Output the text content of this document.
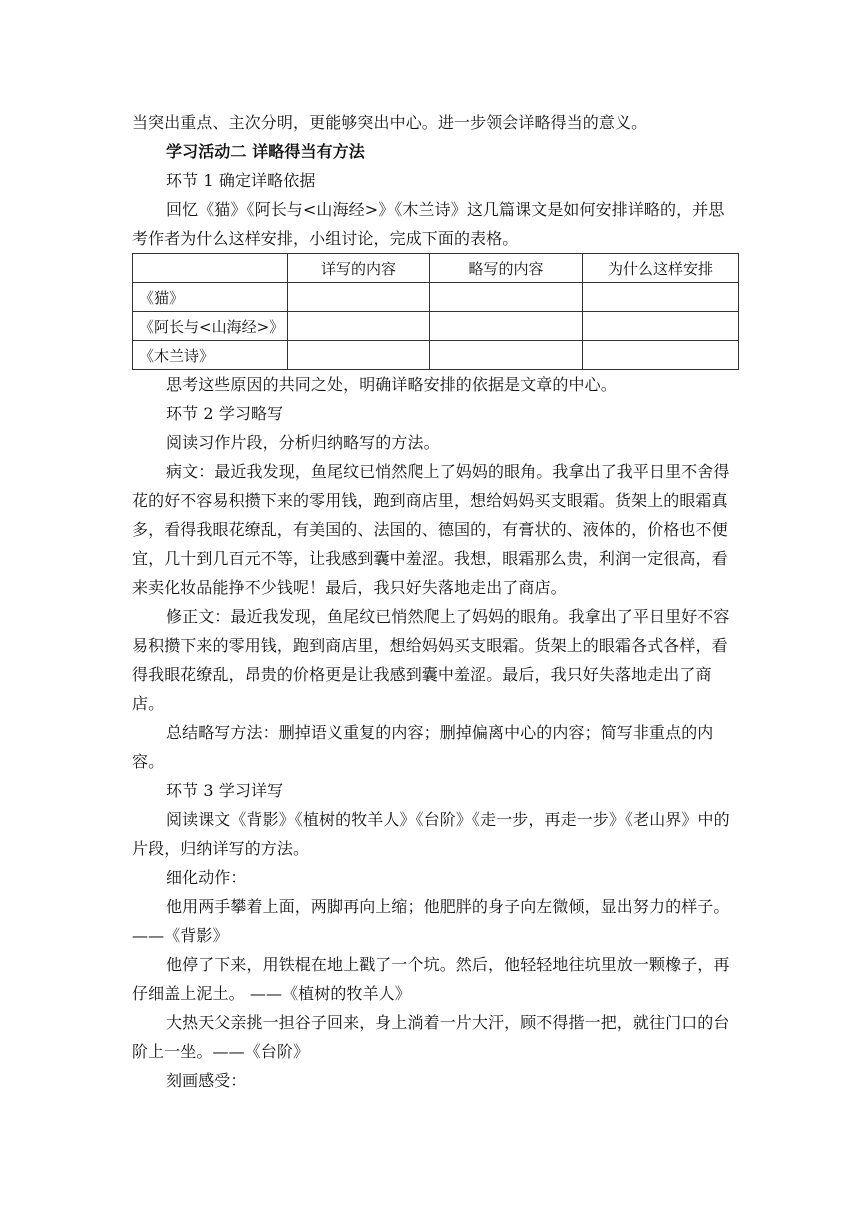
当突出重点、主次分明，更能够突出中心。进一步领会详略得当的意义。

学习活动二 详略得当有方法

环节 1 确定详略依据

回忆《猫》《阿长与<山海经>》《木兰诗》这几篇课文是如何安排详略的，并思考作者为什么这样安排，小组讨论，完成下面的表格。

	详写的内容	略写的内容	为什么这样安排
《猫》			
《阿长与<山海经>》			
《木兰诗》			

思考这些原因的共同之处，明确详略安排的依据是文章的中心。

环节 2 学习略写

阅读习作片段，分析归纳略写的方法。

病文：最近我发现，鱼尾纹已悄然爬上了妈妈的眼角。我拿出了我平日里不舍得花的好不容易积攒下来的零用钱，跑到商店里，想给妈妈买支眼霜。货架上的眼霜真多，看得我眼花缭乱，有美国的、法国的、德国的，有膏状的、液体的，价格也不便宜，几十到几百元不等，让我感到囊中羞涩。我想，眼霜那么贵，利润一定很高，看来卖化妆品能挣不少钱呢！最后，我只好失落地走出了商店。

修正文：最近我发现，鱼尾纹已悄然爬上了妈妈的眼角。我拿出了平日里好不容易积攒下来的零用钱，跑到商店里，想给妈妈买支眼霜。货架上的眼霜各式各样，看得我眼花缭乱，昂贵的价格更是让我感到囊中羞涩。最后，我只好失落地走出了商店。

总结略写方法：删掉语义重复的内容；删掉偏离中心的内容；简写非重点的内容。

环节 3 学习详写

阅读课文《背影》《植树的牧羊人》《台阶》《走一步，再走一步》《老山界》中的片段，归纳详写的方法。

细化动作：

他用两手攀着上面，两脚再向上缩；他肥胖的身子向左微倾，显出努力的样子。——《背影》

他停了下来，用铁棍在地上戳了一个坑。然后，他轻轻地往坑里放一颗橡子，再仔细盖上泥土。 ——《植树的牧羊人》

大热天父亲挑一担谷子回来，身上淌着一片大汗，顾不得揩一把，就往门口的台阶上一坐。——《台阶》

刻画感受：
